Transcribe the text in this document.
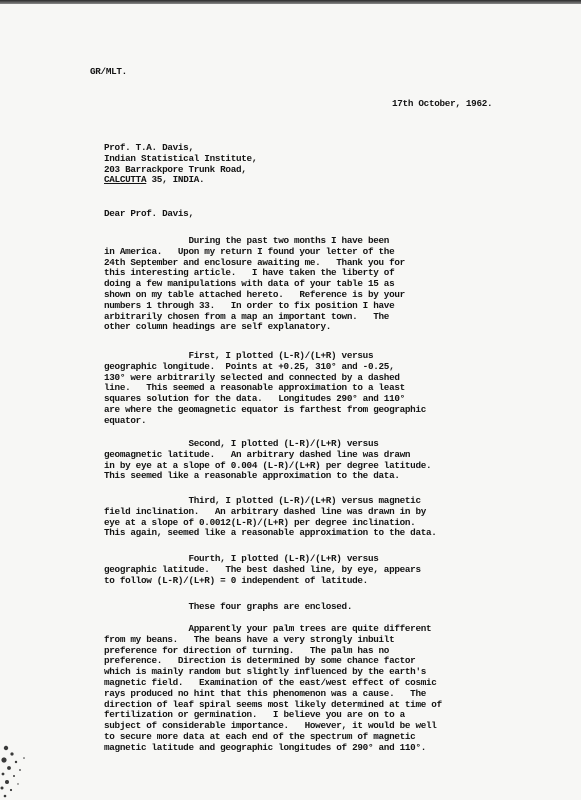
GR/MLT.
17th October, 1962.
Prof. T.A. Davis,
Indian Statistical Institute,
203 Barrackpore Trunk Road,
CALCUTTA 35, INDIA.
Dear Prof. Davis,
During the past two months I have been
in America.   Upon my return I found your letter of the
24th September and enclosure awaiting me.   Thank you for
this interesting article.   I have taken the liberty of
doing a few manipulations with data of your table 15 as
shown on my table attached hereto.   Reference is by your
numbers 1 through 33.   In order to fix position I have
arbitrarily chosen from a map an important town.   The
other column headings are self explanatory.
First, I plotted (L-R)/(L+R) versus
geographic longitude.  Points at +0.25, 310° and -0.25,
130° were arbitrarily selected and connected by a dashed
line.   This seemed a reasonable approximation to a least
squares solution for the data.   Longitudes 290° and 110°
are where the geomagnetic equator is farthest from geographic
equator.
Second, I plotted (L-R)/(L+R) versus
geomagnetic latitude.   An arbitrary dashed line was drawn
in by eye at a slope of 0.004 (L-R)/(L+R) per degree latitude.
This seemed like a reasonable approximation to the data.
Third, I plotted (L-R)/(L+R) versus magnetic
field inclination.   An arbitrary dashed line was drawn in by
eye at a slope of 0.0012(L-R)/(L+R) per degree inclination.
This again, seemed like a reasonable approximation to the data.
Fourth, I plotted (L-R)/(L+R) versus
geographic latitude.   The best dashed line, by eye, appears
to follow (L-R)/(L+R) = 0 independent of latitude.
These four graphs are enclosed.
Apparently your palm trees are quite different
from my beans.   The beans have a very strongly inbuilt
preference for direction of turning.   The palm has no
preference.   Direction is determined by some chance factor
which is mainly random but slightly influenced by the earth's
magnetic field.   Examination of the east/west effect of cosmic
rays produced no hint that this phenomenon was a cause.   The
direction of leaf spiral seems most likely determined at time of
fertilization or germination.   I believe you are on to a
subject of considerable importance.   However, it would be well
to secure more data at each end of the spectrum of magnetic
magnetic latitude and geographic longitudes of 290° and 110°.
